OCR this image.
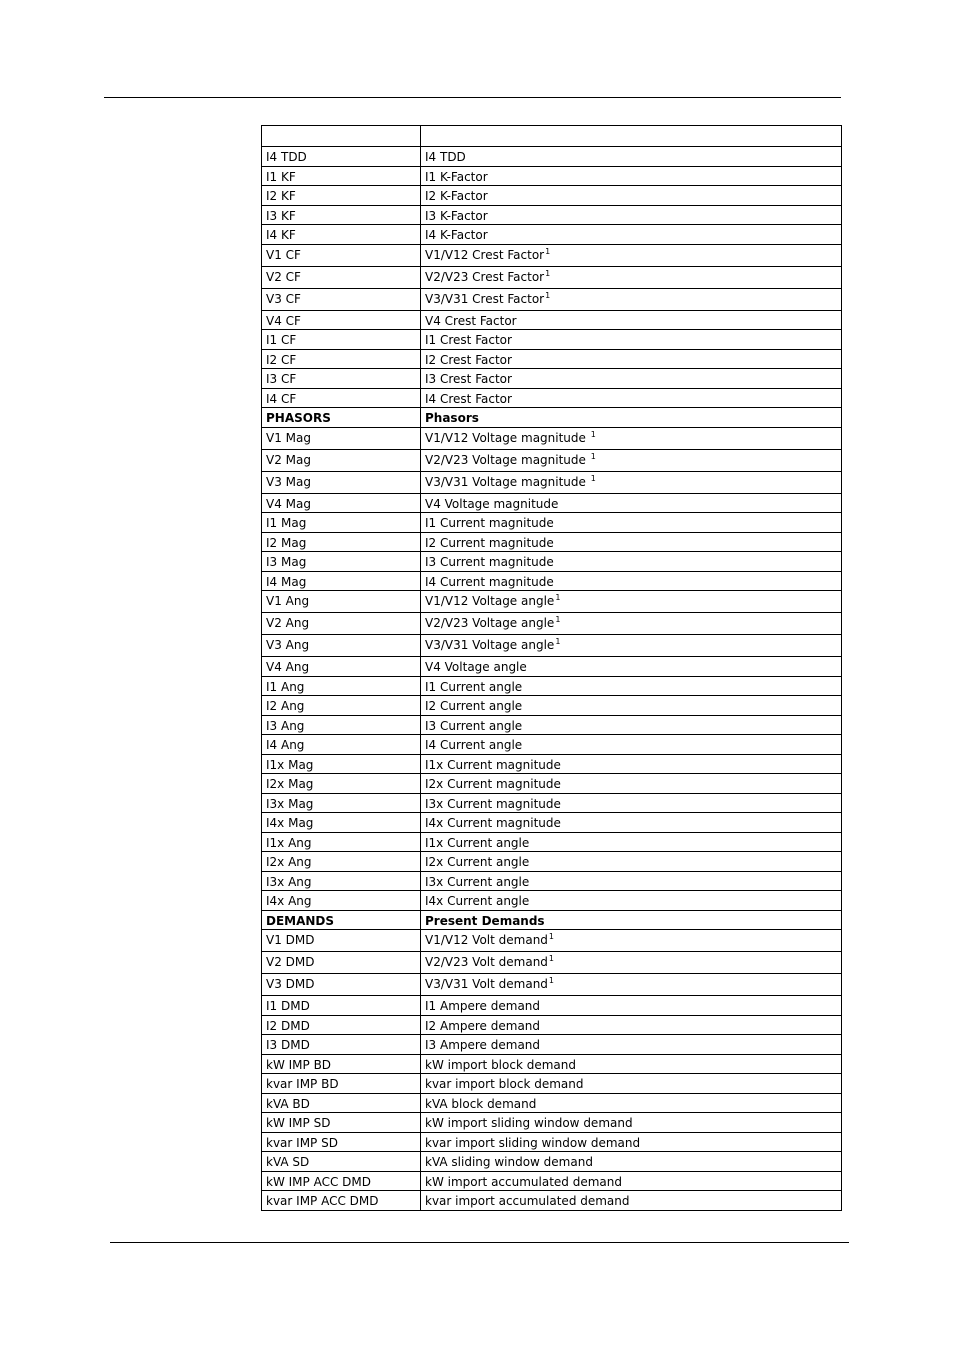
I4 TDD	I4 TDD
I1 KF	I1 K-Factor
I2 KF	I2 K-Factor
I3 KF	I3 K-Factor
I4 KF	I4 K-Factor
V1 CF	V1/V12 Crest Factor$^1$
V2 CF	V2/V23 Crest Factor$^1$
V3 CF	V3/V31 Crest Factor$^1$
V4 CF	V4 Crest Factor
I1 CF	I1 Crest Factor
I2 CF	I2 Crest Factor
I3 CF	I3 Crest Factor
I4 CF	I4 Crest Factor
PHASORS	Phasors
V1 Mag	V1/V12 Voltage magnitude $^1$
V2 Mag	V2/V23 Voltage magnitude $^1$
V3 Mag	V3/V31 Voltage magnitude $^1$
V4 Mag	V4 Voltage magnitude
I1 Mag	I1 Current magnitude
I2 Mag	I2 Current magnitude
I3 Mag	I3 Current magnitude
I4 Mag	I4 Current magnitude
V1 Ang	V1/V12 Voltage angle$^1$
V2 Ang	V2/V23 Voltage angle$^1$
V3 Ang	V3/V31 Voltage angle$^1$
V4 Ang	V4 Voltage angle
I1 Ang	I1 Current angle
I2 Ang	I2 Current angle
I3 Ang	I3 Current angle
I4 Ang	I4 Current angle
I1x Mag	I1x Current magnitude
I2x Mag	I2x Current magnitude
I3x Mag	I3x Current magnitude
I4x Mag	I4x Current magnitude
I1x Ang	I1x Current angle
I2x Ang	I2x Current angle
I3x Ang	I3x Current angle
I4x Ang	I4x Current angle
DEMANDS	Present Demands
V1 DMD	V1/V12 Volt demand$^1$
V2 DMD	V2/V23 Volt demand$^1$
V3 DMD	V3/V31 Volt demand$^1$
I1 DMD	I1 Ampere demand
I2 DMD	I2 Ampere demand
I3 DMD	I3 Ampere demand
kW IMP BD	kW import block demand
kvar IMP BD	kvar import block demand
kVA BD	kVA block demand
kW IMP SD	kW import sliding window demand
kvar IMP SD	kvar import sliding window demand
kVA SD	kVA sliding window demand
kW IMP ACC DMD	kW import accumulated demand
kvar IMP ACC DMD	kvar import accumulated demand
